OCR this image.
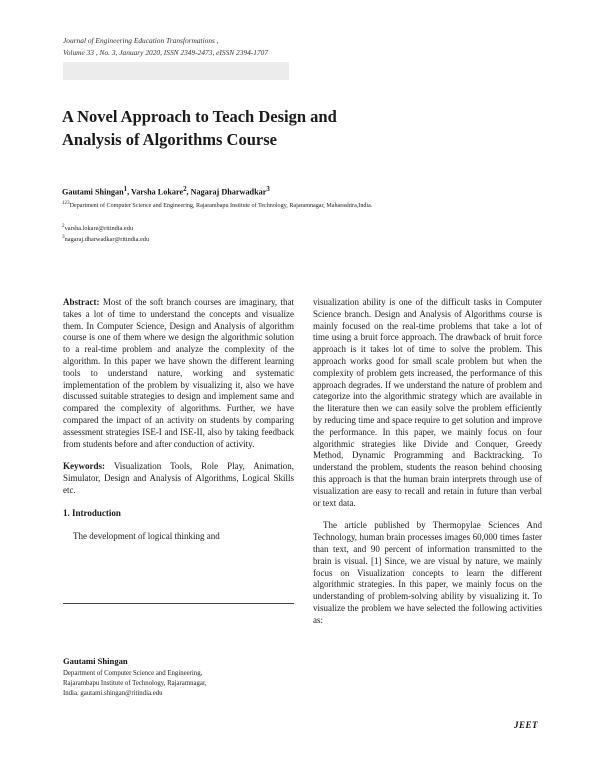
Journal of Engineering Education Transformations ,
Volume 33 , No. 3, January 2020, ISSN 2349-2473, eISSN 2394-1707
A Novel Approach to Teach Design and
Analysis of Algorithms Course
Gautami Shingan$^1$, Varsha Lokare$^2$, Nagaraj Dharwadkar$^3$
$^{123}$Department of Computer Science and Engineering, Rajarambapu Institute of Technology, Rajaramnagar, Maharashtra,India.
$^2$varsha.lokare@ritindia.edu
$^3$nagaraj.dharwadkar@ritindia.edu

Abstract: Most of the soft branch courses are imaginary, that takes a lot of time to understand the concepts and visualize them. In Computer Science, Design and Analysis of algorithm course is one of them where we design the algorithmic solution to a real-time problem and analyze the complexity of the algorithm. In this paper we have shown the different learning tools to understand nature, working and systematic implementation of the problem by visualizing it, also we have discussed suitable strategies to design and implement same and compared the complexity of algorithms. Further, we have compared the impact of an activity on students by comparing assessment strategies ISE-I and ISE-II, also by taking feedback from students before and after conduction of activity.

Keywords: Visualization Tools, Role Play, Animation, Simulator, Design and Analysis of Algorithms, Logical Skills etc.

1. Introduction

The development of logical thinking and

visualization ability is one of the difficult tasks in Computer Science branch. Design and Analysis of Algorithms course is mainly focused on the real-time problems that take a lot of time using a bruit force approach. The drawback of bruit force approach is it takes lot of time to solve the problem. This approach works good for small scale problem but when the complexity of problem gets increased, the performance of this approach degrades. If we understand the nature of problem and categorize into the algorithmic strategy which are available in the literature then we can easily solve the problem efficiently by reducing time and space require to get solution and improve the performance. In this paper, we mainly focus on four algorithmic strategies like Divide and Conquer, Greedy Method, Dynamic Programming and Backtracking. To understand the problem, students the reason behind choosing this approach is that the human brain interprets through use of visualization are easy to recall and retain in future than verbal or text data.

The article published by Thermopylae Sciences And Technology, human brain processes images 60,000 times faster than text, and 90 percent of information transmitted to the brain is visual. [1] Since, we are visual by nature, we mainly focus on Visualization concepts to learn the different algorithmic strategies. In this paper, we mainly focus on the understanding of problem-solving ability by visualizing it. To visualize the problem we have selected the following activities as:

Gautami Shingan
Department of Computer Science and Engineering,
Rajarambapu Institute of Technology, Rajaramnagar,
India. gautami.shingan@ritindia.edu
JEET
